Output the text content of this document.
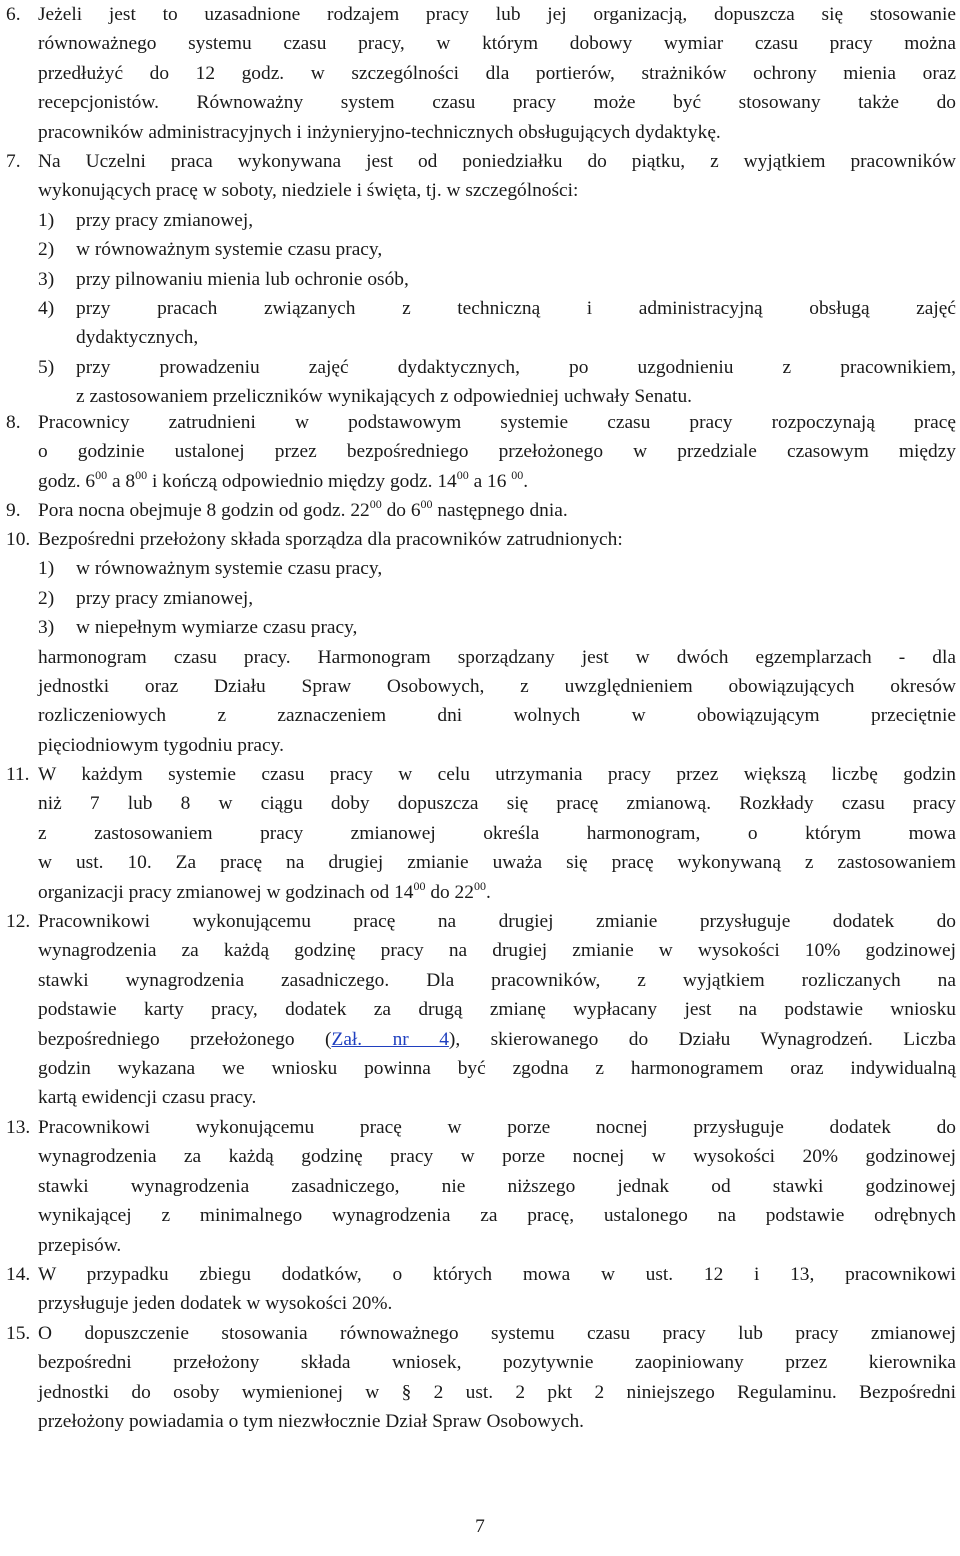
6. Jeżeli jest to uzasadnione rodzajem pracy lub jej organizacją, dopuszcza się stosowanie
równoważnego systemu czasu pracy, w którym dobowy wymiar czasu pracy można
przedłużyć do 12 godz. w szczególności dla portierów, strażników ochrony mienia oraz
recepcjonistów. Równoważny system czasu pracy może być stosowany także do
pracowników administracyjnych i inżynieryjno-technicznych obsługujących dydaktykę.
7. Na Uczelni praca wykonywana jest od poniedziałku do piątku, z wyjątkiem pracowników
wykonujących pracę w soboty, niedziele i święta, tj. w szczególności:
1) przy pracy zmianowej,
2) w równoważnym systemie czasu pracy,
3) przy pilnowaniu mienia lub ochronie osób,
4) przy pracach związanych z techniczną i administracyjną obsługą zajęć
dydaktycznych,
5) przy prowadzeniu zajęć dydaktycznych, po uzgodnieniu z pracownikiem,
z zastosowaniem przeliczników wynikających z odpowiedniej uchwały Senatu.
8. Pracownicy zatrudnieni w podstawowym systemie czasu pracy rozpoczynają pracę
o godzinie ustalonej przez bezpośredniego przełożonego w przedziale czasowym między
godz. $6^{00}$ a $8^{00}$ i kończą odpowiednio między godz. $14^{00}$ a 16 $^{00}$.
9. Pora nocna obejmuje 8 godzin od godz. $22^{00}$ do $6^{00}$ następnego dnia.
10. Bezpośredni przełożony składa sporządza dla pracowników zatrudnionych:
1) w równoważnym systemie czasu pracy,
2) przy pracy zmianowej,
3) w niepełnym wymiarze czasu pracy,
harmonogram czasu pracy. Harmonogram sporządzany jest w dwóch egzemplarzach - dla
jednostki oraz Działu Spraw Osobowych, z uwzględnieniem obowiązujących okresów
rozliczeniowych z zaznaczeniem dni wolnych w obowiązującym przeciętnie
pięciodniowym tygodniu pracy.
11. W każdym systemie czasu pracy w celu utrzymania pracy przez większą liczbę godzin
niż 7 lub 8 w ciągu doby dopuszcza się pracę zmianową. Rozkłady czasu pracy
z zastosowaniem pracy zmianowej określa harmonogram, o którym mowa
w ust. 10. Za pracę na drugiej zmianie uważa się pracę wykonywaną z zastosowaniem
organizacji pracy zmianowej w godzinach od $14^{00}$ do $22^{00}$.
12. Pracownikowi wykonującemu pracę na drugiej zmianie przysługuje dodatek do
wynagrodzenia za każdą godzinę pracy na drugiej zmianie w wysokości 10% godzinowej
stawki wynagrodzenia zasadniczego. Dla pracowników, z wyjątkiem rozliczanych na
podstawie karty pracy, dodatek za drugą zmianę wypłacany jest na podstawie wniosku
bezpośredniego przełożonego (Zał. nr 4), skierowanego do Działu Wynagrodzeń. Liczba
godzin wykazana we wniosku powinna być zgodna z harmonogramem oraz indywidualną
kartą ewidencji czasu pracy.
13. Pracownikowi wykonującemu pracę w porze nocnej przysługuje dodatek do
wynagrodzenia za każdą godzinę pracy w porze nocnej w wysokości 20% godzinowej
stawki wynagrodzenia zasadniczego, nie niższego jednak od stawki godzinowej
wynikającej z minimalnego wynagrodzenia za pracę, ustalonego na podstawie odrębnych
przepisów.
14. W przypadku zbiegu dodatków, o których mowa w ust. 12 i 13, pracownikowi
przysługuje jeden dodatek w wysokości 20%.
15. O dopuszczenie stosowania równoważnego systemu czasu pracy lub pracy zmianowej
bezpośredni przełożony składa wniosek, pozytywnie zaopiniowany przez kierownika
jednostki do osoby wymienionej w § 2 ust. 2 pkt 2 niniejszego Regulaminu. Bezpośredni
przełożony powiadamia o tym niezwłocznie Dział Spraw Osobowych.
7
